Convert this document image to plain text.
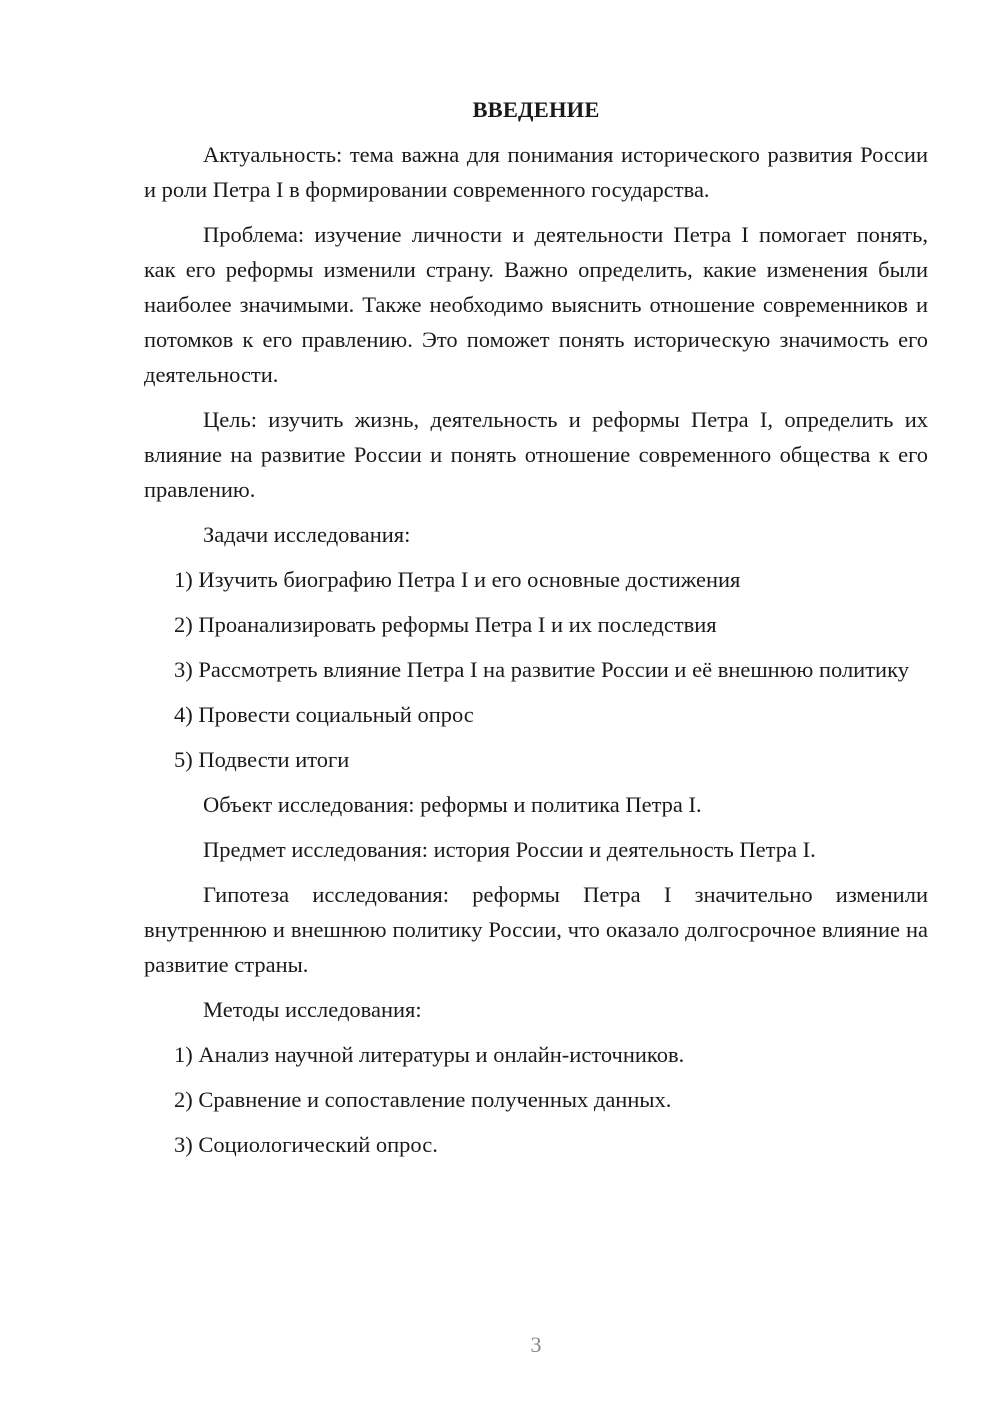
ВВЕДЕНИЕ
Актуальность: тема важна для понимания исторического развития России и роли Петра I в формировании современного государства.
Проблема: изучение личности и деятельности Петра I помогает понять, как его реформы изменили страну. Важно определить, какие изменения были наиболее значимыми. Также необходимо выяснить отношение современников и потомков к его правлению. Это поможет понять историческую значимость его деятельности.
Цель: изучить жизнь, деятельность и реформы Петра I, определить их влияние на развитие России и понять отношение современного общества к его правлению.
Задачи исследования:
1) Изучить биографию Петра I и его основные достижения
2) Проанализировать реформы Петра I и их последствия
3) Рассмотреть влияние Петра I на развитие России и её внешнюю политику
4) Провести социальный опрос
5) Подвести итоги
Объект исследования: реформы и политика Петра I.
Предмет исследования: история России и деятельность Петра I.
Гипотеза исследования: реформы Петра I значительно изменили внутреннюю и внешнюю политику России, что оказало долгосрочное влияние на развитие страны.
Методы исследования:
1) Анализ научной литературы и онлайн-источников.
2) Сравнение и сопоставление полученных данных.
3) Социологический опрос.
3
